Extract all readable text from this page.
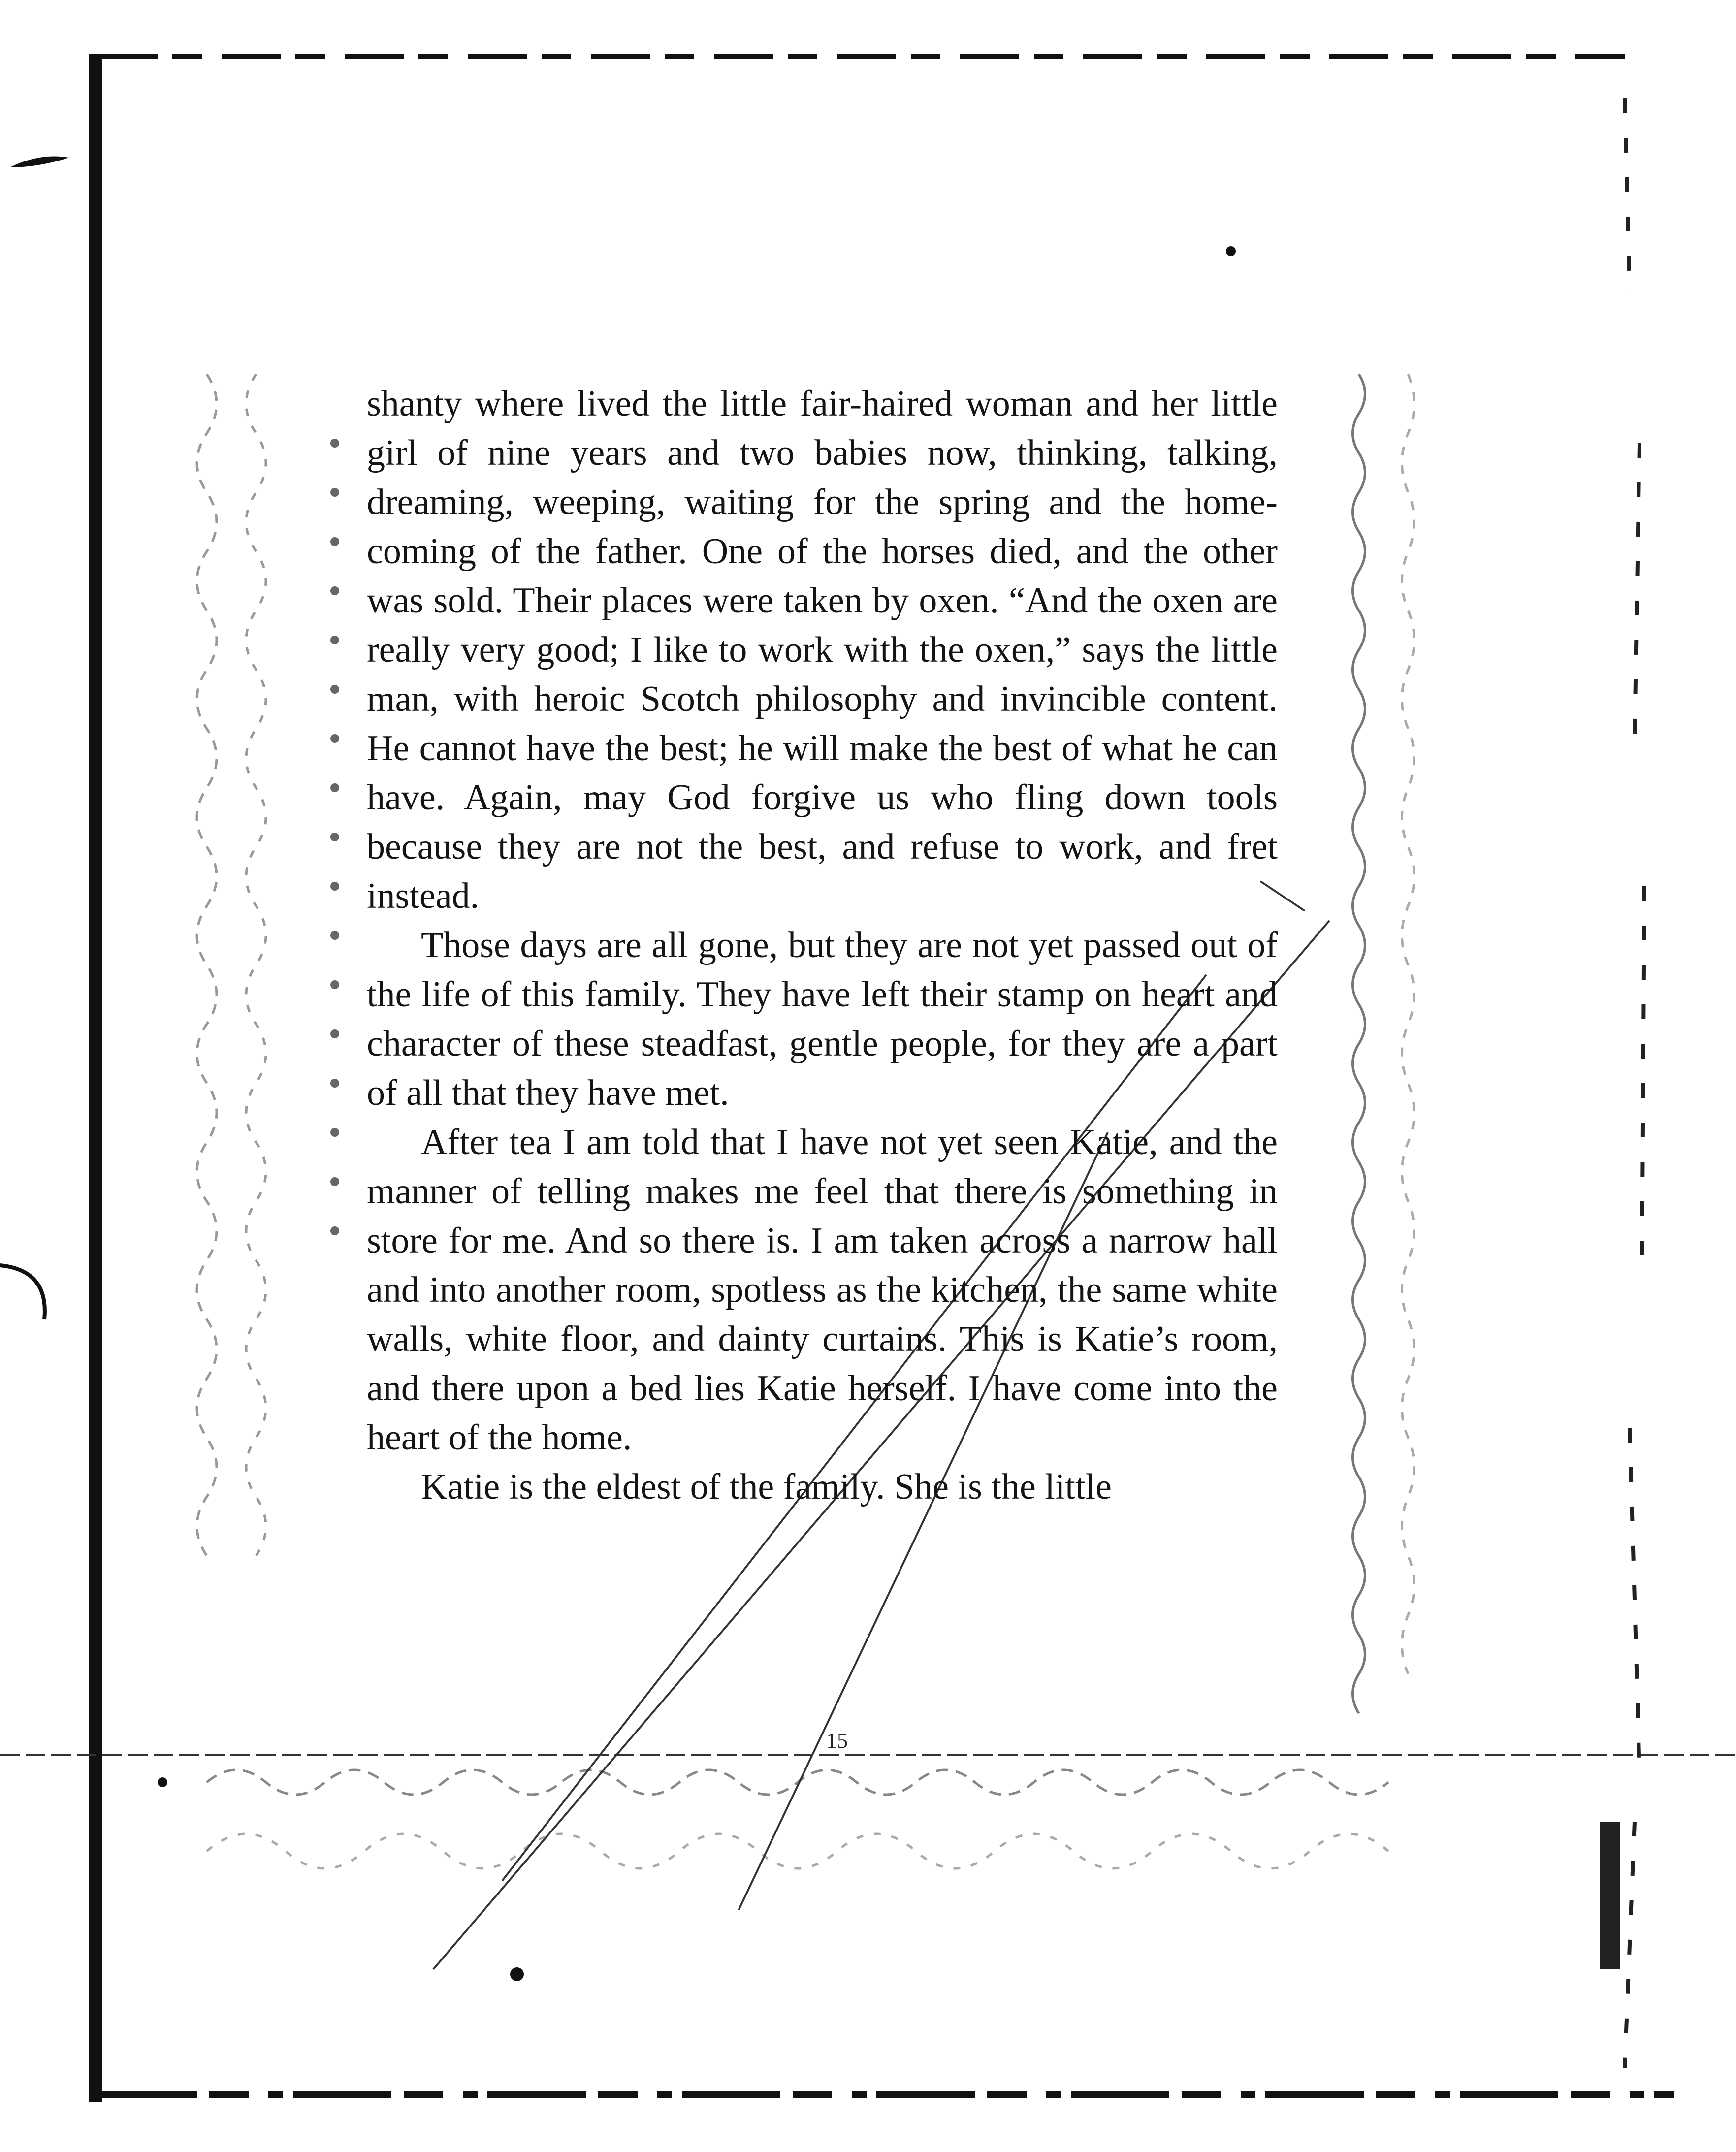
shanty where lived the little fair-haired woman and her little girl of nine years and two babies now, thinking, talking, dreaming, weeping, waiting for the spring and the home-coming of the father. One of the horses died, and the other was sold. Their places were taken by oxen. “And the oxen are really very good; I like to work with the oxen,” says the little man, with heroic Scotch philosophy and invincible content. He cannot have the best; he will make the best of what he can have. Again, may God forgive us who fling down tools because they are not the best, and refuse to work, and fret instead.

Those days are all gone, but they are not yet passed out of the life of this family. They have left their stamp on heart and character of these steadfast, gentle people, for they are a part of all that they have met.

After tea I am told that I have not yet seen Katie, and the manner of telling makes me feel that there is something in store for me. And so there is. I am taken across a narrow hall and into another room, spotless as the kitchen, the same white walls, white floor, and dainty curtains. This is Katie’s room, and there upon a bed lies Katie herself. I have come into the heart of the home.

Katie is the eldest of the family. She is the little

15
